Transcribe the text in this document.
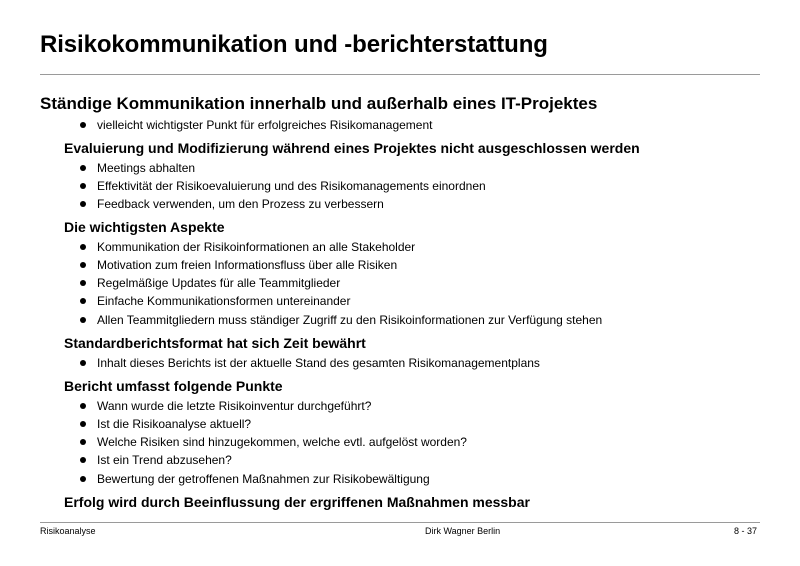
Risikokommunikation und -berichterstattung
Ständige Kommunikation innerhalb und außerhalb eines IT-Projektes
vielleicht wichtigster Punkt für erfolgreiches Risikomanagement
Evaluierung und Modifizierung während eines Projektes nicht ausgeschlossen werden
Meetings abhalten
Effektivität der Risikoevaluierung und des Risikomanagements einordnen
Feedback verwenden, um den Prozess zu verbessern
Die wichtigsten Aspekte
Kommunikation der Risikoinformationen an alle Stakeholder
Motivation zum freien Informationsfluss über alle Risiken
Regelmäßige Updates für alle Teammitglieder
Einfache Kommunikationsformen untereinander
Allen Teammitgliedern muss ständiger Zugriff zu den Risikoinformationen zur Verfügung stehen
Standardberichtsformat hat sich Zeit bewährt
Inhalt dieses Berichts ist der aktuelle Stand des gesamten Risikomanagementplans
Bericht umfasst folgende Punkte
Wann wurde die letzte Risikoinventur durchgeführt?
Ist die Risikoanalyse aktuell?
Welche Risiken sind hinzugekommen, welche evtl. aufgelöst worden?
Ist ein Trend abzusehen?
Bewertung der getroffenen Maßnahmen zur Risikobewältigung
Erfolg wird durch Beeinflussung der ergriffenen Maßnahmen messbar
Risikoanalyse	Dirk Wagner Berlin	8 - 37
